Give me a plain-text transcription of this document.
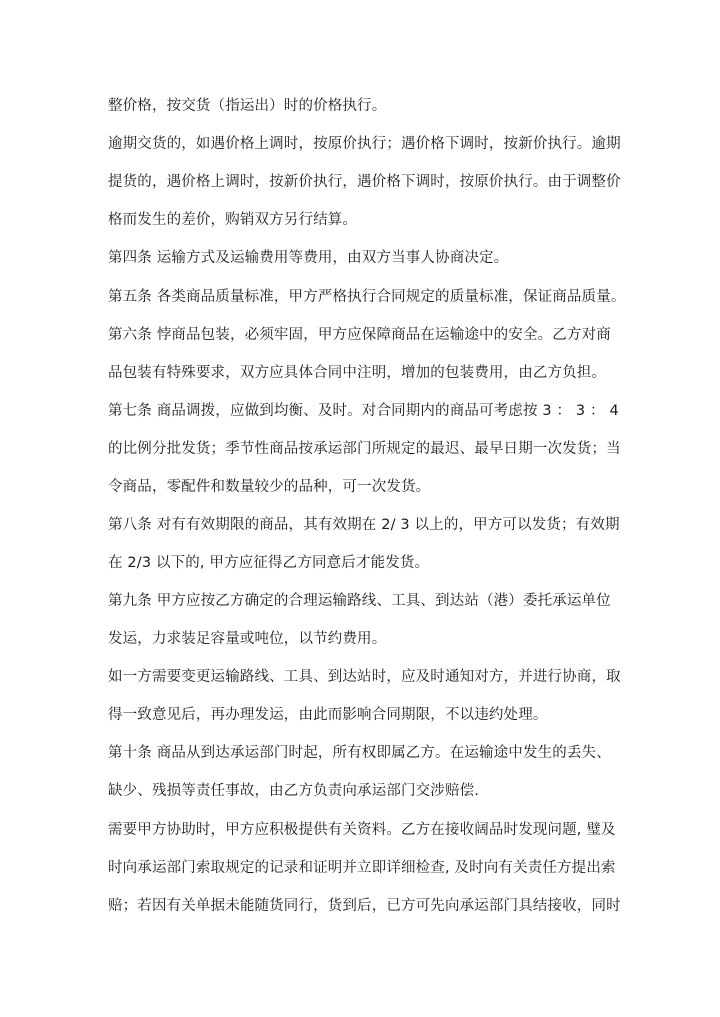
整价格，按交货（指运出）时的价格执行。
逾期交货的，如遇价格上调时，按原价执行；遇价格下调时，按新价执行。逾期
提货的，遇价格上调时，按新价执行，遇价格下调时，按原价执行。由于调整价
格而发生的差价，购销双方另行结算。
第四条 运输方式及运输费用等费用，由双方当事人协商决定。
第五条 各类商品质量标准，甲方严格执行合同规定的质量标准，保证商品质量。
第六条 悖商品包装，必须牢固，甲方应保障商品在运输途中的安全。乙方对商
品包装有特殊要求，双方应具体合同中注明，增加的包装费用，由乙方负担。
第七条 商品调拨，应做到均衡、及时。对合同期内的商品可考虑按 3 ： 3 ： 4
的比例分批发货；季节性商品按承运部门所规定的最迟、最早日期一次发货；当
令商品，零配件和数量较少的品种，可一次发货。
第八条 对有有效期限的商品，其有效期在 2/ 3 以上的，甲方可以发货；有效期
在 2/3 以下的, 甲方应征得乙方同意后才能发货。
第九条 甲方应按乙方确定的合理运输路线、工具、到达站（港）委托承运单位
发运，力求装足容量或吨位，以节约费用。
如一方需要变更运输路线、工具、到达站时，应及时通知对方，并进行协商，取
得一致意见后，再办理发运，由此而影响合同期限，不以违约处理。
第十条 商品从到达承运部门时起，所有权即属乙方。在运输途中发生的丢失、
缺少、残损等责任事故，由乙方负责向承运部门交涉赔偿.
需要甲方协助时，甲方应积极提供有关资料。乙方在接收阔品时发现问题, 璧及
时向承运部门索取规定的记录和证明并立即详细检查, 及时向有关责任方提出索
赔；若因有关单据未能随货同行，货到后，已方可先向承运部门具结接收，同时
